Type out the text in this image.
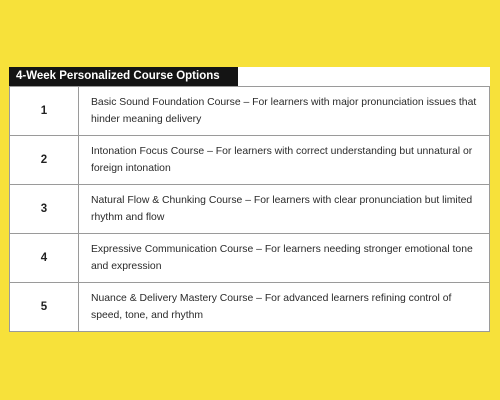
4-Week Personalized Course Options
1	Basic Sound Foundation Course – For learners with major pronunciation issues that hinder meaning delivery
2	Intonation Focus Course – For learners with correct understanding but unnatural or foreign intonation
3	Natural Flow & Chunking Course – For learners with clear pronunciation but limited rhythm and flow
4	Expressive Communication Course – For learners needing stronger emotional tone and expression
5	Nuance & Delivery Mastery Course – For advanced learners refining control of speed, tone, and rhythm
